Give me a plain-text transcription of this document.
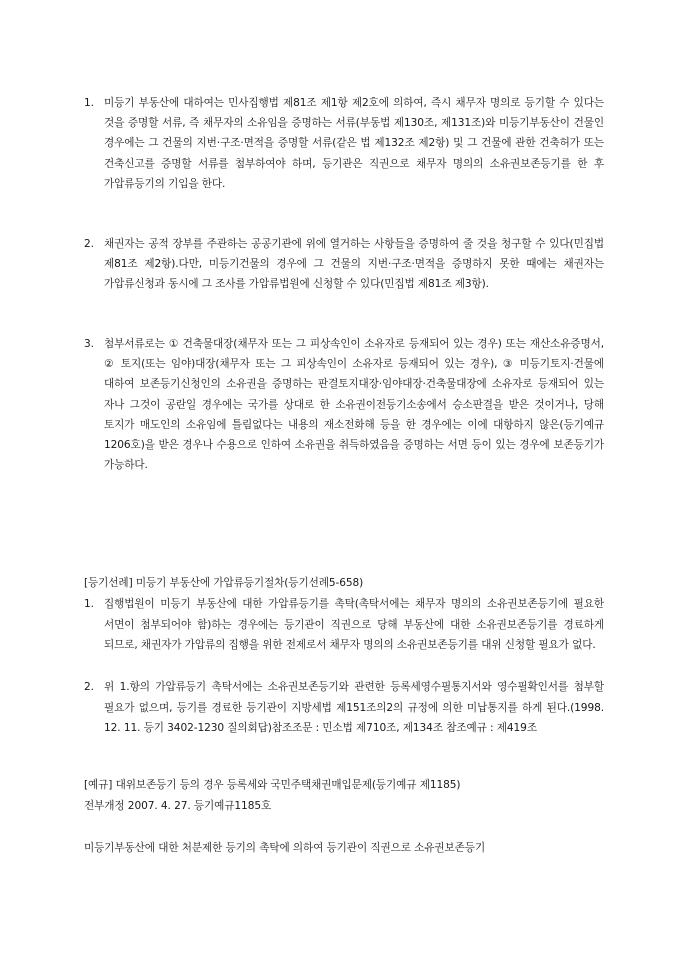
1. 미등기 부동산에 대하여는 민사집행법 제81조 제1항 제2호에 의하여, 즉시 채무자 명의로 등기할 수 있다는 것을 증명할 서류, 즉 채무자의 소유임을 증명하는 서류(부동법 제130조, 제131조)와 미등기부동산이 건물인 경우에는 그 건물의 지번·구조·면적을 증명할 서류(같은 법 제132조 제2항) 및 그 건물에 관한 건축허가 또는 건축신고를 증명할 서류를 첨부하여야 하며, 등기관은 직권으로 채무자 명의의 소유권보존등기를 한 후 가압류등기의 기입을 한다.
2. 채권자는 공적 장부를 주관하는 공공기관에 위에 열거하는 사항들을 증명하여 줄 것을 청구할 수 있다(민집법 제81조 제2항).다만, 미등기건물의 경우에 그 건물의 지번·구조·면적을 증명하지 못한 때에는 채권자는 가압류신청과 동시에 그 조사를 가압류법원에 신청할 수 있다(민집법 제81조 제3항).
3. 첨부서류로는 ① 건축물대장(채무자 또는 그 피상속인이 소유자로 등재되어 있는 경우) 또는 재산소유증명서, ② 토지(또는 임야)대장(채무자 또는 그 피상속인이 소유자로 등재되어 있는 경우), ③ 미등기토지·건물에 대하여 보존등기신청인의 소유권을 증명하는 판결토지대장·임야대장·건축물대장에 소유자로 등재되어 있는 자나 그것이 공란일 경우에는 국가를 상대로 한 소유권이전등기소송에서 승소판결을 받은 것이거나, 당해 토지가 매도인의 소유임에 틀림없다는 내용의 재소전화해 등을 한 경우에는 이에 대항하지 않은(등기예규 1206호)을 받은 경우나 수용으로 인하여 소유권을 취득하였음을 증명하는 서면 등이 있는 경우에 보존등기가 가능하다.
[등기선례] 미등기 부동산에 가압류등기절차(등기선례5-658)
1. 집행법원이 미등기 부동산에 대한 가압류등기를 촉탁(촉탁서에는 채무자 명의의 소유권보존등기에 필요한 서면이 첨부되어야 함)하는 경우에는 등기관이 직권으로 당해 부동산에 대한 소유권보존등기를 경료하게 되므로, 채권자가 가압류의 집행을 위한 전제로서 채무자 명의의 소유권보존등기를 대위 신청할 필요가 없다.
2. 위 1.항의 가압류등기 촉탁서에는 소유권보존등기와 관련한 등록세영수필통지서와 영수필확인서를 첨부할 필요가 없으며, 등기를 경료한 등기관이 지방세법 제151조의2의 규정에 의한 미납통지를 하게 된다.(1998. 12. 11. 등기 3402-1230 질의회답)참조조문 : 민소법 제710조, 제134조 참조예규 : 제419조
[예규] 대위보존등기 등의 경우 등록세와 국민주택채권매입문제(등기예규 제1185)
전부개정 2007. 4. 27. 등기예규1185호
미등기부동산에 대한 처분제한 등기의 촉탁에 의하여 등기관이 직권으로 소유권보존등기
